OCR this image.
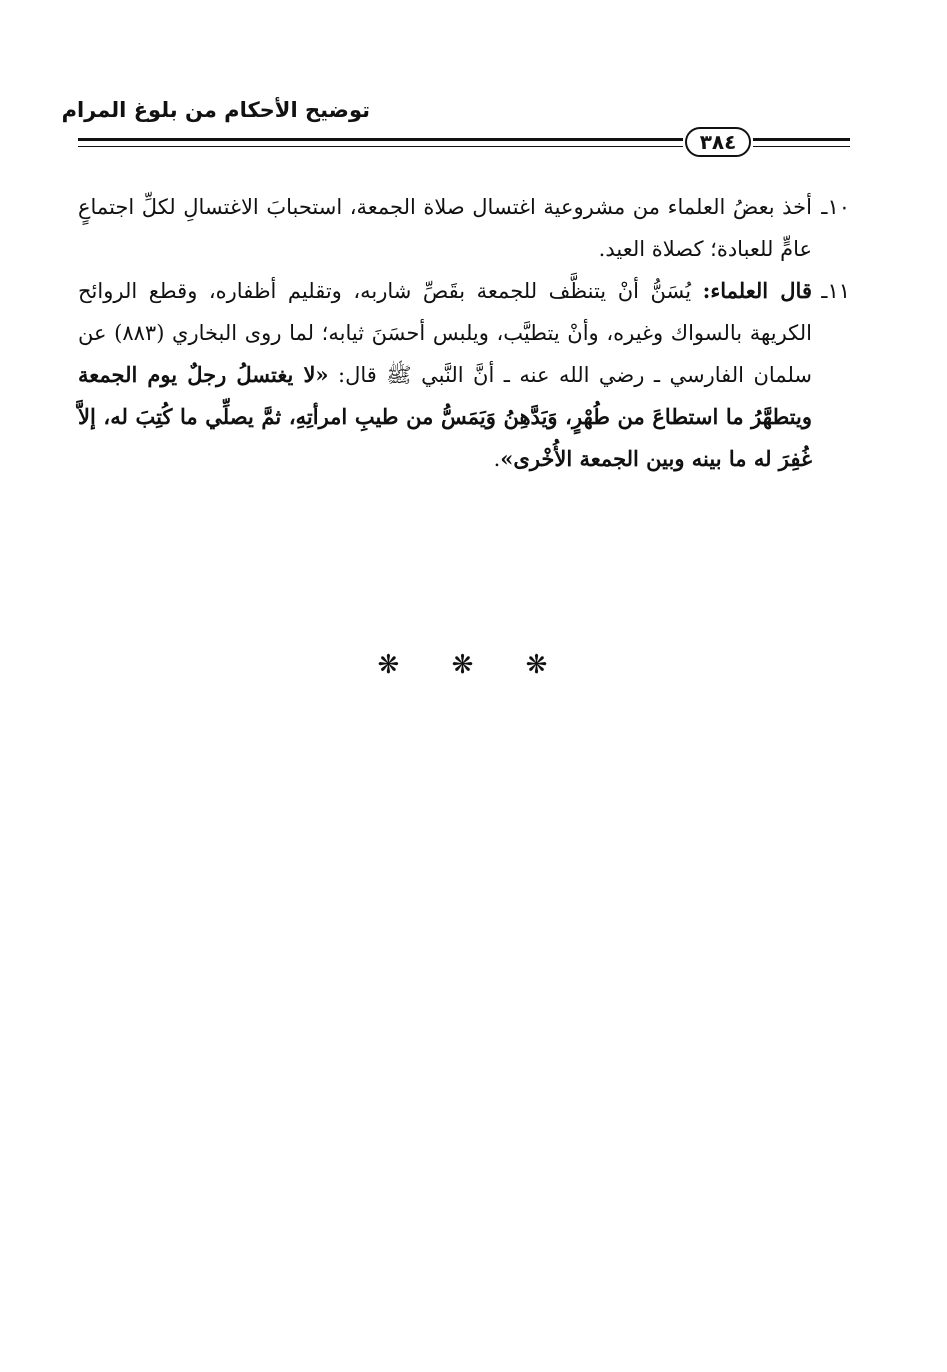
توضيح الأحكام من بلوغ المرام
٣٨٤

١٠ـ
أخذ بعضُ العلماء من مشروعية اغتسال صلاة الجمعة، استحبابَ الاغتسالِ لكلِّ اجتماعٍ عامٍّ للعبادة؛ كصلاة العيد.

١١ـ
قال العلماء: يُسَنُّ أنْ يتنظَّف للجمعة بقَصِّ شاربه، وتقليم أظفاره، وقطع الروائح الكريهة بالسواك وغيره، وأنْ يتطيَّب، ويلبس أحسَنَ ثيابه؛ لما روى البخاري (٨٨٣) عن سلمان الفارسي ـ رضي الله عنه ـ أنَّ النَّبي ﷺ قال: «لا يغتسلُ رجلٌ يوم الجمعة ويتطهَّرُ ما استطاعَ من طُهْرٍ، وَيَدَّهِنُ وَيَمَسُّ من طيبِ امرأتِهِ، ثمَّ يصلِّي ما كُتِبَ له، إلاَّ غُفِرَ له ما بينه وبين الجمعة الأُخْرى».

❋ ❋ ❋
